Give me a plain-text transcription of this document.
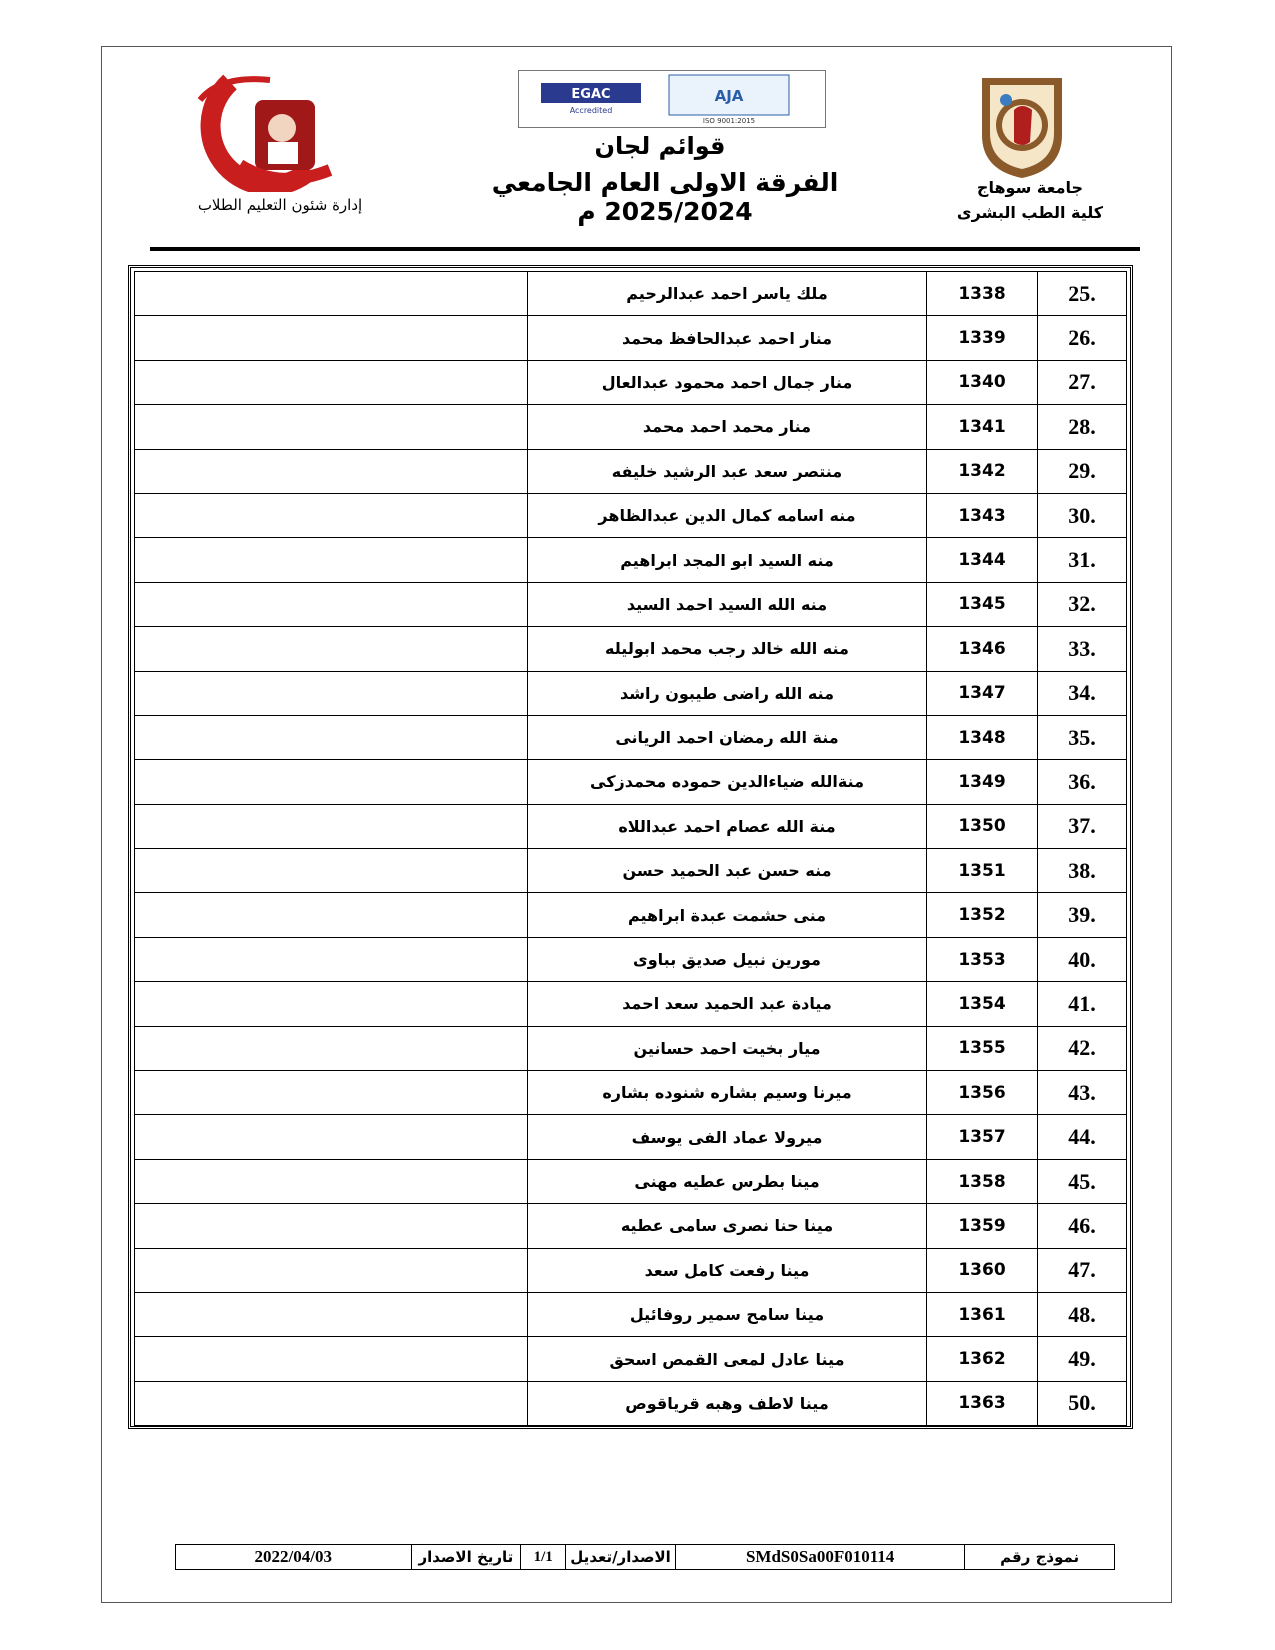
EGAC
Accredited
AJA
ISO 9001:2015
قوائم لجان
الفرقة الاولى العام الجامعي 2025/2024 م
إدارة شئون التعليم الطلاب
جامعة سوهاج
كلية الطب البشرى
25.	1338	ملك ياسر احمد عبدالرحيم	
26.	1339	منار احمد عبدالحافظ محمد	
27.	1340	منار جمال احمد محمود عبدالعال	
28.	1341	منار محمد احمد محمد	
29.	1342	منتصر سعد عبد الرشيد خليفه	
30.	1343	منه اسامه كمال الدين عبدالظاهر	
31.	1344	منه السيد ابو المجد ابراهيم	
32.	1345	منه الله السيد احمد السيد	
33.	1346	منه الله خالد رجب محمد ابوليله	
34.	1347	منه الله راضى طيبون راشد	
35.	1348	منة الله رمضان احمد الريانى	
36.	1349	منةالله ضياءالدين حموده محمدزكى	
37.	1350	منة الله عصام احمد عبداللاه	
38.	1351	منه حسن عبد الحميد حسن	
39.	1352	منى حشمت عبدة ابراهيم	
40.	1353	مورين نبيل صديق بباوى	
41.	1354	ميادة عبد الحميد سعد احمد	
42.	1355	ميار بخيت احمد حسانين	
43.	1356	ميرنا وسيم بشاره شنوده بشاره	
44.	1357	ميرولا عماد الفى يوسف	
45.	1358	مينا بطرس عطيه مهنى	
46.	1359	مينا حنا نصرى سامى عطيه	
47.	1360	مينا رفعت كامل سعد	
48.	1361	مينا سامح سمير روفائيل	
49.	1362	مينا عادل لمعى القمص اسحق	
50.	1363	مينا لاطف وهبه قرياقوص	
نموذج رقم
SMdS0Sa00F010114
الاصدار/تعديل
1/1
تاريخ الاصدار
2022/04/03
